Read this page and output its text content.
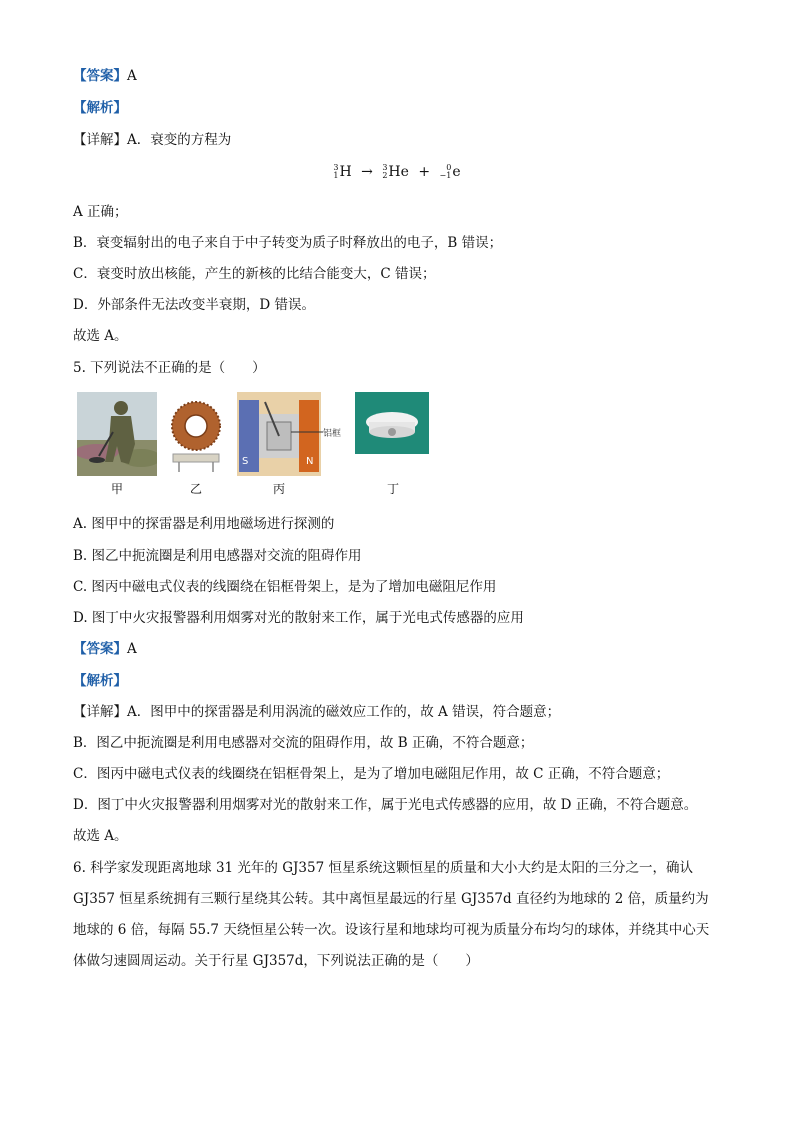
【答案】A
【解析】
【详解】A．衰变的方程为
3
1 H → 3
2 He +	0
−1 e
A 正确；
B．衰变辐射出的电子来自于中子转变为质子时释放出的电子，B 错误；
C．衰变时放出核能，产生的新核的比结合能变大，C 错误；
D．外部条件无法改变半衰期，D 错误。
故选 A。
5. 下列说法不正确的是（　　）
甲	乙
S	N
铝框
丙	丁
A. 图甲中的探雷器是利用地磁场进行探测的
B. 图乙中扼流圈是利用电感器对交流的阻碍作用
C. 图丙中磁电式仪表的线圈绕在铝框骨架上，是为了增加电磁阻尼作用
D. 图丁中火灾报警器利用烟雾对光的散射来工作，属于光电式传感器的应用
【答案】A
【解析】
【详解】A．图甲中的探雷器是利用涡流的磁效应工作的，故 A 错误，符合题意；
B．图乙中扼流圈是利用电感器对交流的阻碍作用，故 B 正确，不符合题意；
C．图丙中磁电式仪表的线圈绕在铝框骨架上，是为了增加电磁阻尼作用，故 C 正确，不符合题意；
D．图丁中火灾报警器利用烟雾对光的散射来工作，属于光电式传感器的应用，故 D 正确，不符合题意。
故选 A。
6. 科学家发现距离地球 31 光年的 GJ357 恒星系统这颗恒星的质量和大小大约是太阳的三分之一，确认
GJ357 恒星系统拥有三颗行星绕其公转。其中离恒星最远的行星 GJ357d 直径约为地球的 2 倍，质量约为
地球的 6 倍，每隔 55.7 天绕恒星公转一次。设该行星和地球均可视为质量分布均匀的球体，并绕其中心天
体做匀速圆周运动。关于行星 GJ357d，下列说法正确的是（　　）
